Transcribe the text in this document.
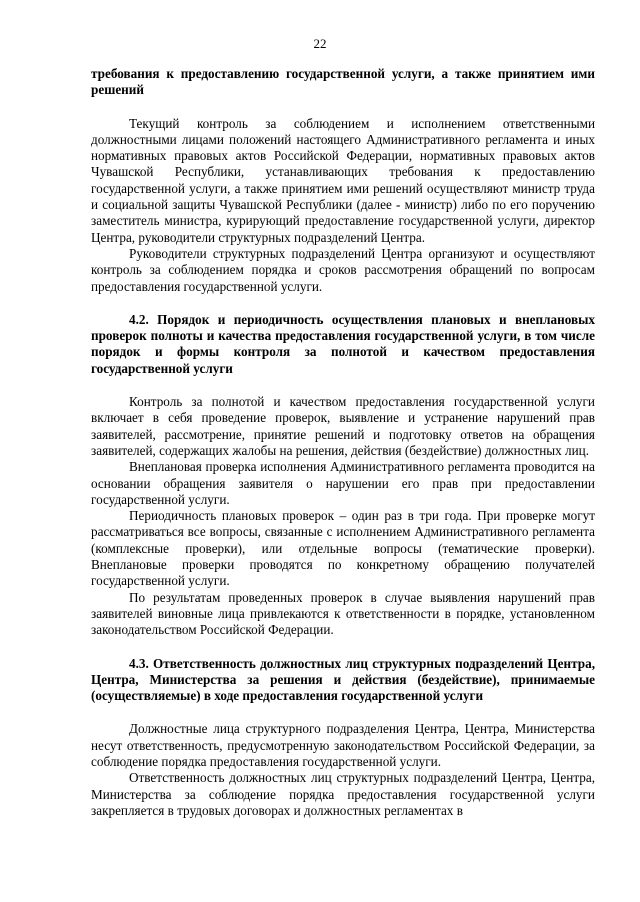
22

требования к предоставлению государственной услуги, а также принятием ими решений

Текущий контроль за соблюдением и исполнением ответственными должностными лицами положений настоящего Административного регламента и иных нормативных правовых актов Российской Федерации, нормативных правовых актов Чувашской Республики, устанавливающих требования к предоставлению государственной услуги, а также принятием ими решений осуществляют министр труда и социальной защиты Чувашской Республики (далее - министр) либо по его поручению заместитель министра, курирующий предоставление государственной услуги, директор Центра, руководители структурных подразделений Центра.

Руководители структурных подразделений Центра организуют и осуществляют контроль за соблюдением порядка и сроков рассмотрения обращений по вопросам предоставления государственной услуги.

4.2. Порядок и периодичность осуществления плановых и внеплановых проверок полноты и качества предоставления государственной услуги, в том числе порядок и формы контроля за полнотой и качеством предоставления государственной услуги

Контроль за полнотой и качеством предоставления государственной услуги включает в себя проведение проверок, выявление и устранение нарушений прав заявителей, рассмотрение, принятие решений и подготовку ответов на обращения заявителей, содержащих жалобы на решения, действия (бездействие) должностных лиц.

Внеплановая проверка исполнения Административного регламента проводится на основании обращения заявителя о нарушении его прав при предоставлении государственной услуги.

Периодичность плановых проверок – один раз в три года. При проверке могут рассматриваться все вопросы, связанные с исполнением Административного регламента (комплексные проверки), или отдельные вопросы (тематические проверки). Внеплановые проверки проводятся по конкретному обращению получателей государственной услуги.

По результатам проведенных проверок в случае выявления нарушений прав заявителей виновные лица привлекаются к ответственности в порядке, установленном законодательством Российской Федерации.

4.3. Ответственность должностных лиц структурных подразделений Центра, Центра, Министерства за решения и действия (бездействие), принимаемые (осуществляемые) в ходе предоставления государственной услуги

Должностные лица структурного подразделения Центра, Центра, Министерства несут ответственность, предусмотренную законодательством Российской Федерации, за соблюдение порядка предоставления государственной услуги.

Ответственность должностных лиц структурных подразделений Центра, Центра, Министерства за соблюдение порядка предоставления государственной услуги закрепляется в трудовых договорах и должностных регламентах в
